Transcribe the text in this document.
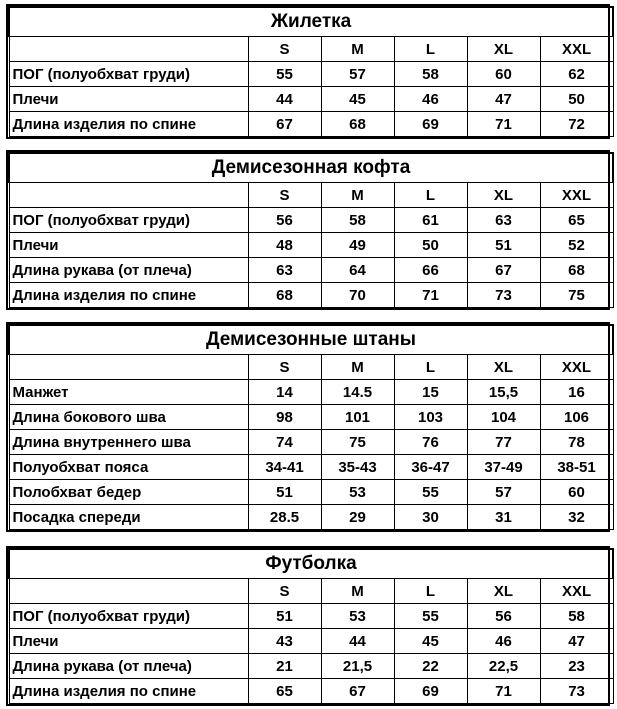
Жилетка					
	S	M	L	XL	XXL
ПОГ (полуобхват груди)	55	57	58	60	62
Плечи	44	45	46	47	50
Длина изделия по спине	67	68	69	71	72
Демисезонная кофта					
	S	M	L	XL	XXL
ПОГ (полуобхват груди)	56	58	61	63	65
Плечи	48	49	50	51	52
Длина рукава (от плеча)	63	64	66	67	68
Длина изделия по спине	68	70	71	73	75
Демисезонные штаны					
	S	M	L	XL	XXL
Манжет	14	14.5	15	15,5	16
Длина бокового шва	98	101	103	104	106
Длина внутреннего шва	74	75	76	77	78
Полуобхват пояса	34-41	35-43	36-47	37-49	38-51
Полобхват бедер	51	53	55	57	60
Посадка спереди	28.5	29	30	31	32
Футболка					
	S	M	L	XL	XXL
ПОГ (полуобхват груди)	51	53	55	56	58
Плечи	43	44	45	46	47
Длина рукава (от плеча)	21	21,5	22	22,5	23
Длина изделия по спине	65	67	69	71	73
